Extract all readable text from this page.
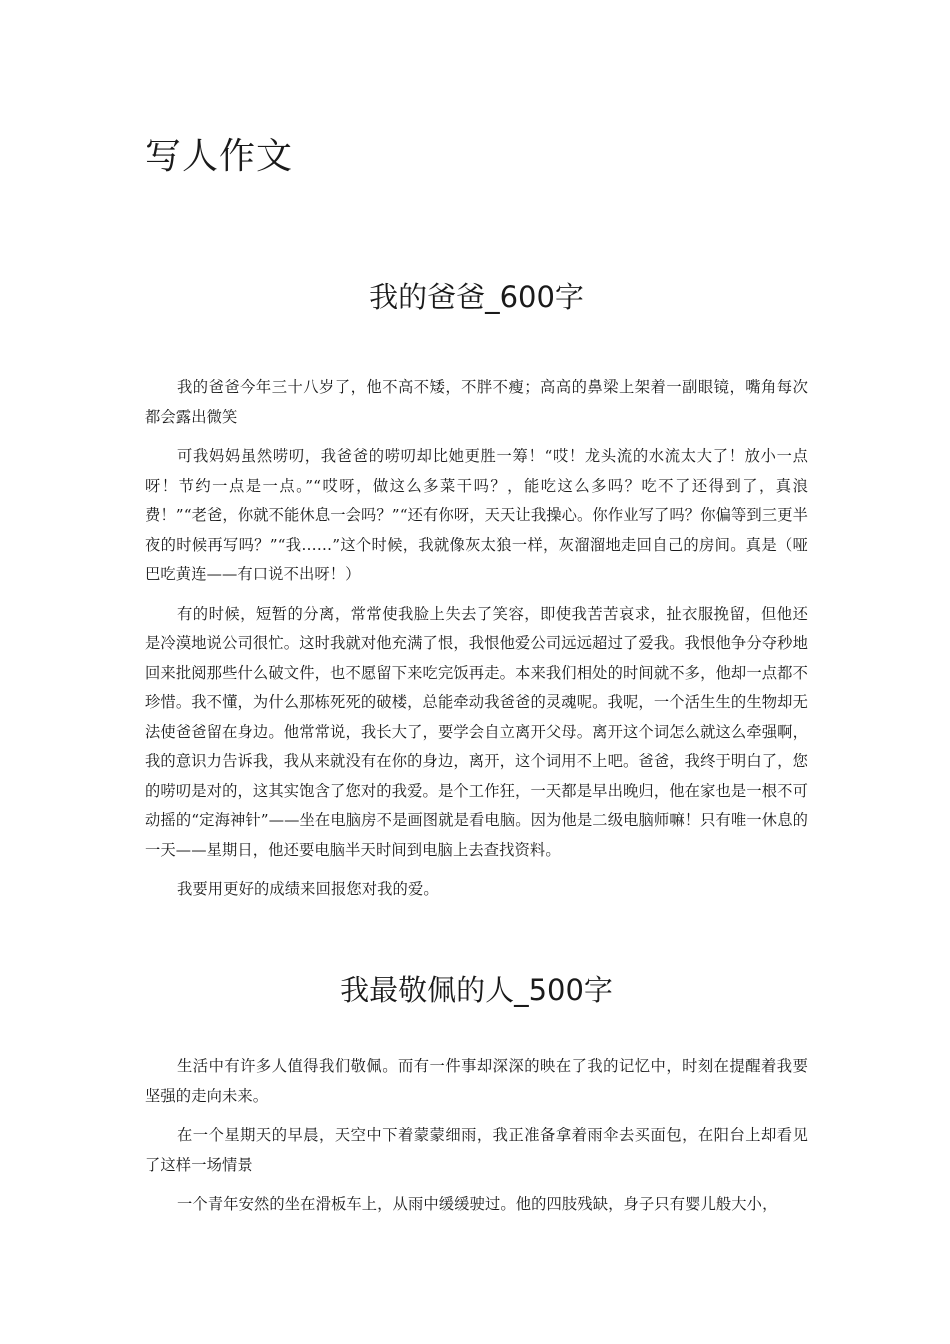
写人作文
我的爸爸_600字

我的爸爸今年三十八岁了，他不高不矮，不胖不瘦；高高的鼻梁上架着一副眼镜，嘴角每次都会露出微笑

可我妈妈虽然唠叨，我爸爸的唠叨却比她更胜一筹！“哎！龙头流的水流太大了！放小一点呀！节约一点是一点。”“哎呀，做这么多菜干吗？，能吃这么多吗？吃不了还得到了，真浪费！”“老爸，你就不能休息一会吗？”“还有你呀，天天让我操心。你作业写了吗？你偏等到三更半夜的时候再写吗？”“我……”这个时候，我就像灰太狼一样，灰溜溜地走回自己的房间。真是（哑巴吃黄连——有口说不出呀！）

有的时候，短暂的分离，常常使我脸上失去了笑容，即使我苦苦哀求，扯衣服挽留，但他还是冷漠地说公司很忙。这时我就对他充满了恨，我恨他爱公司远远超过了爱我。我恨他争分夺秒地回来批阅那些什么破文件，也不愿留下来吃完饭再走。本来我们相处的时间就不多，他却一点都不珍惜。我不懂，为什么那栋死死的破楼，总能牵动我爸爸的灵魂呢。我呢，一个活生生的生物却无法使爸爸留在身边。他常常说，我长大了，要学会自立离开父母。离开这个词怎么就这么牵强啊，我的意识力告诉我，我从来就没有在你的身边，离开，这个词用不上吧。爸爸，我终于明白了，您的唠叨是对的，这其实饱含了您对的我爱。是个工作狂，一天都是早出晚归，他在家也是一根不可动摇的“定海神针”——坐在电脑房不是画图就是看电脑。因为他是二级电脑师嘛！只有唯一休息的一天——星期日，他还要电脑半天时间到电脑上去查找资料。

我要用更好的成绩来回报您对我的爱。

我最敬佩的人_500字

生活中有许多人值得我们敬佩。而有一件事却深深的映在了我的记忆中，时刻在提醒着我要坚强的走向未来。

在一个星期天的早晨，天空中下着蒙蒙细雨，我正准备拿着雨伞去买面包，在阳台上却看见了这样一场情景

一个青年安然的坐在滑板车上，从雨中缓缓驶过。他的四肢残缺，身子只有婴儿般大小，
